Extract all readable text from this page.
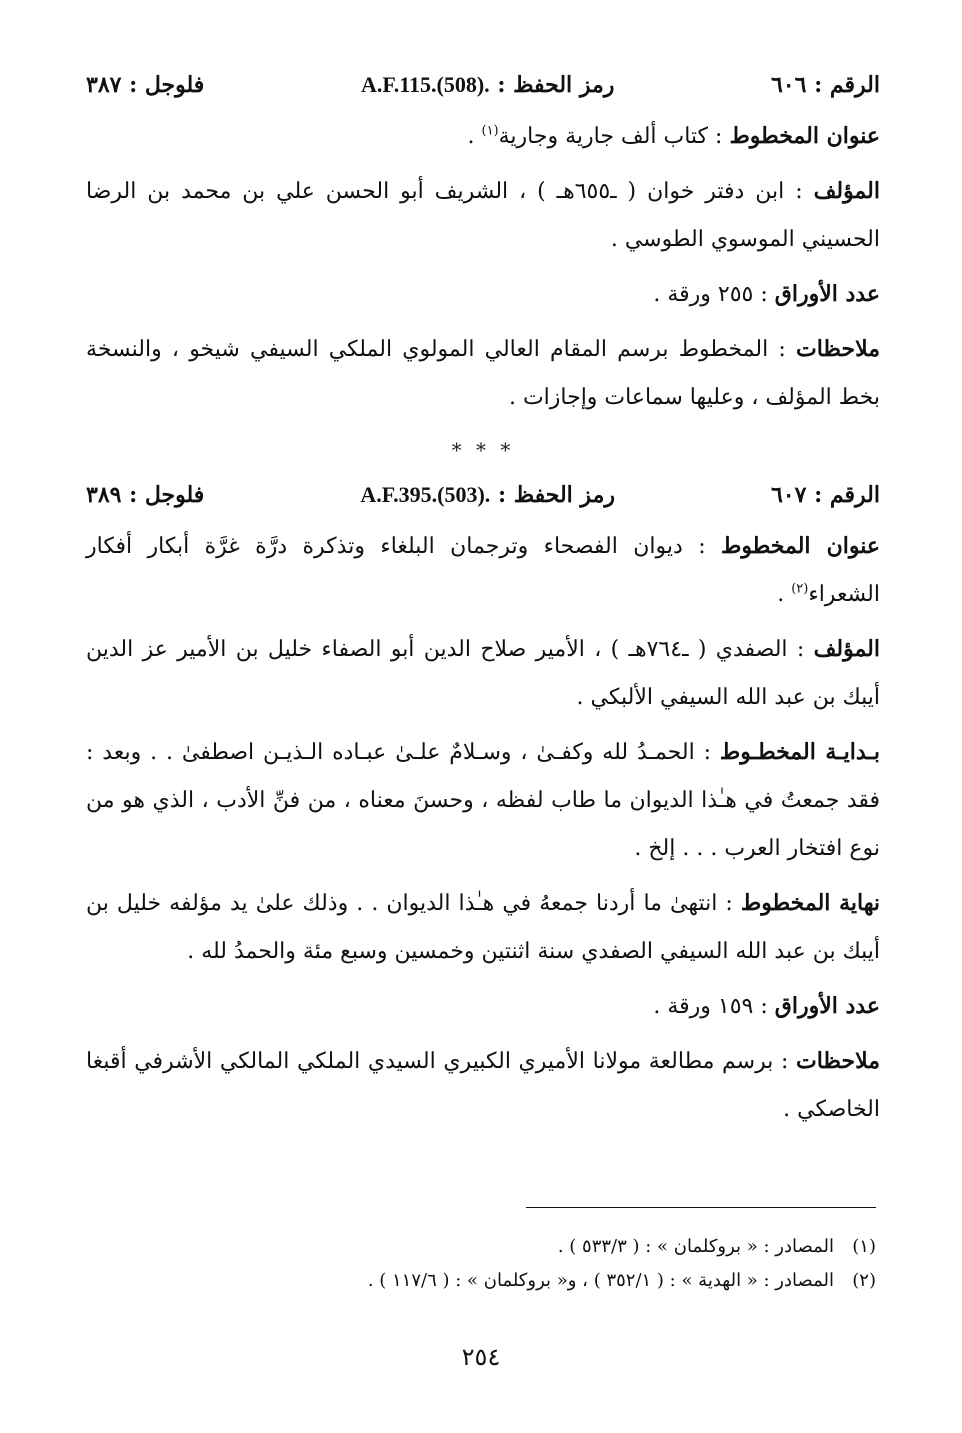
الرقم : ٦٠٦
رمز الحفظ : A.F.115.(508).
فلوجل : ٣٨٧
عنوان المخطوط : كتاب ألف جارية وجارية$^{(١)}$ .
المؤلف : ابن دفتر خوان ( ـ٦٥٥هـ ) ، الشريف أبو الحسن علي بن محمد بن الرضا الحسيني الموسوي الطوسي .
عدد الأوراق : ٢٥٥ ورقة .
ملاحظات : المخطوط برسم المقام العالي المولوي الملكي السيفي شيخو ، والنسخة بخط المؤلف ، وعليها سماعات وإجازات .
* * *
الرقم : ٦٠٧
رمز الحفظ : A.F.395.(503).
فلوجل : ٣٨٩
عنوان المخطوط : ديوان الفصحاء وترجمان البلغاء وتذكرة درَّة غرَّة أبكار أفكار الشعراء$^{(٢)}$ .
المؤلف : الصفدي ( ـ٧٦٤هـ ) ، الأمير صلاح الدين أبو الصفاء خليل بن الأمير عز الدين أيبك بن عبد الله السيفي الألبكي .
بـدايـة المخطـوط : الحمـدُ لله وكفـىٰ ، وسـلامٌ علـىٰ عبـاده الـذيـن اصطفىٰ . . وبعد : فقد جمعتُ في هـٰذا الديوان ما طاب لفظه ، وحسنَ معناه ، من فنِّ الأدب ، الذي هو من نوع افتخار العرب . . . إلخ .
نهاية المخطوط : انتهىٰ ما أردنا جمعهُ في هـٰذا الديوان . . وذلك علىٰ يد مؤلفه خليل بن أيبك بن عبد الله السيفي الصفدي سنة اثنتين وخمسين وسبع مئة والحمدُ لله .
عدد الأوراق : ١٥٩ ورقة .
ملاحظات : برسم مطالعة مولانا الأميري الكبيري السيدي الملكي المالكي الأشرفي أقبغا الخاصكي .
(١)المصادر : « بروكلمان » : ( ٥٣٣/٣ ) .
(٢)المصادر : « الهدية » : ( ٣٥٢/١ ) ، و« بروكلمان » : ( ١١٧/٦ ) .
٢٥٤
